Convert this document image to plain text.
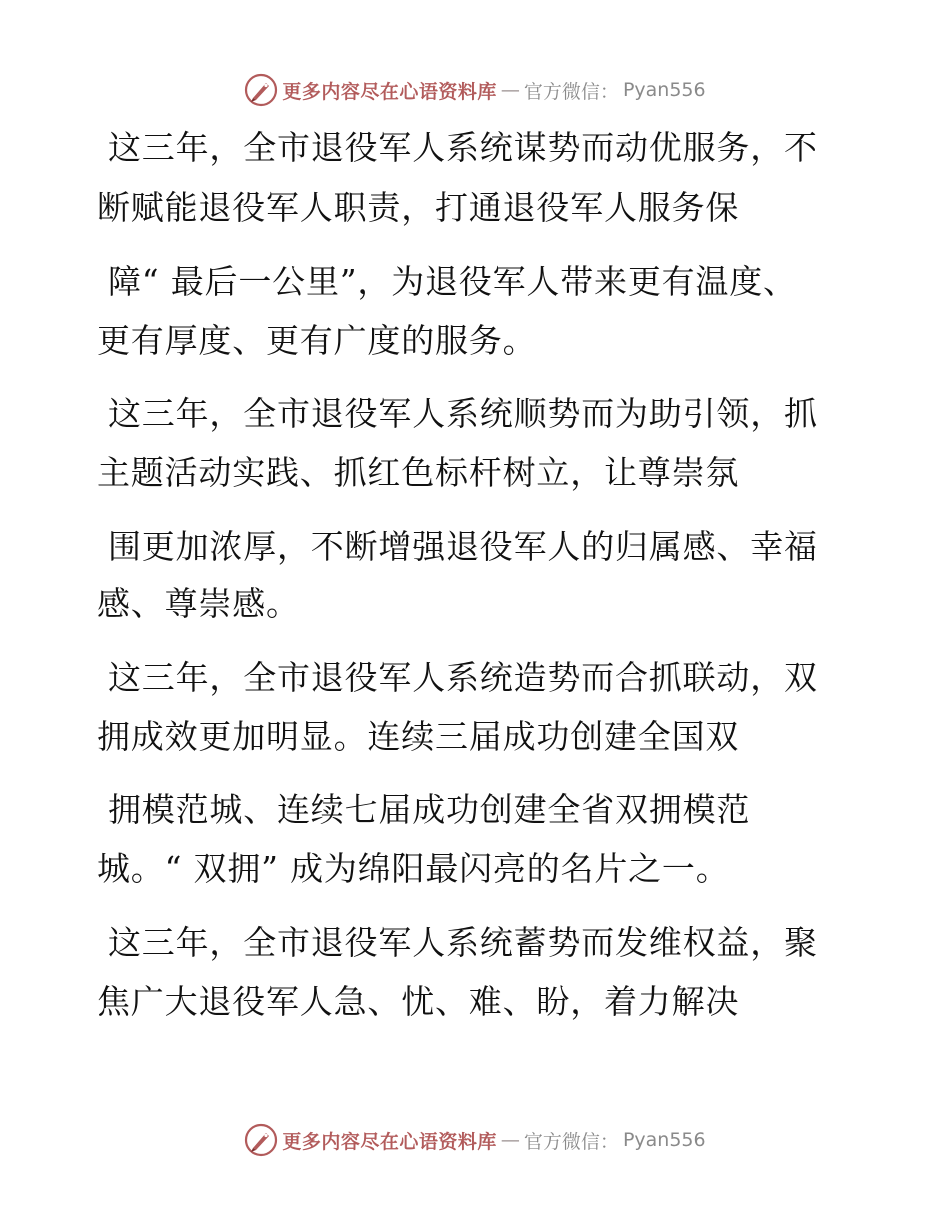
更多内容尽在心语资料库 — 官方微信： Pyan556
这三年，全市退役军人系统谋势而动优服务，不
断赋能退役军人职责，打通退役军人服务保
障“ 最后一公里”，为退役军人带来更有温度、
更有厚度、更有广度的服务。
这三年，全市退役军人系统顺势而为助引领，抓
主题活动实践、抓红色标杆树立，让尊崇氛
围更加浓厚，不断增强退役军人的归属感、幸福
感、尊崇感。
这三年，全市退役军人系统造势而合抓联动，双
拥成效更加明显。连续三届成功创建全国双
拥模范城、连续七届成功创建全省双拥模范
城。“ 双拥” 成为绵阳最闪亮的名片之一。
这三年，全市退役军人系统蓄势而发维权益，聚
焦广大退役军人急、忧、难、盼，着力解决
更多内容尽在心语资料库 — 官方微信： Pyan556
